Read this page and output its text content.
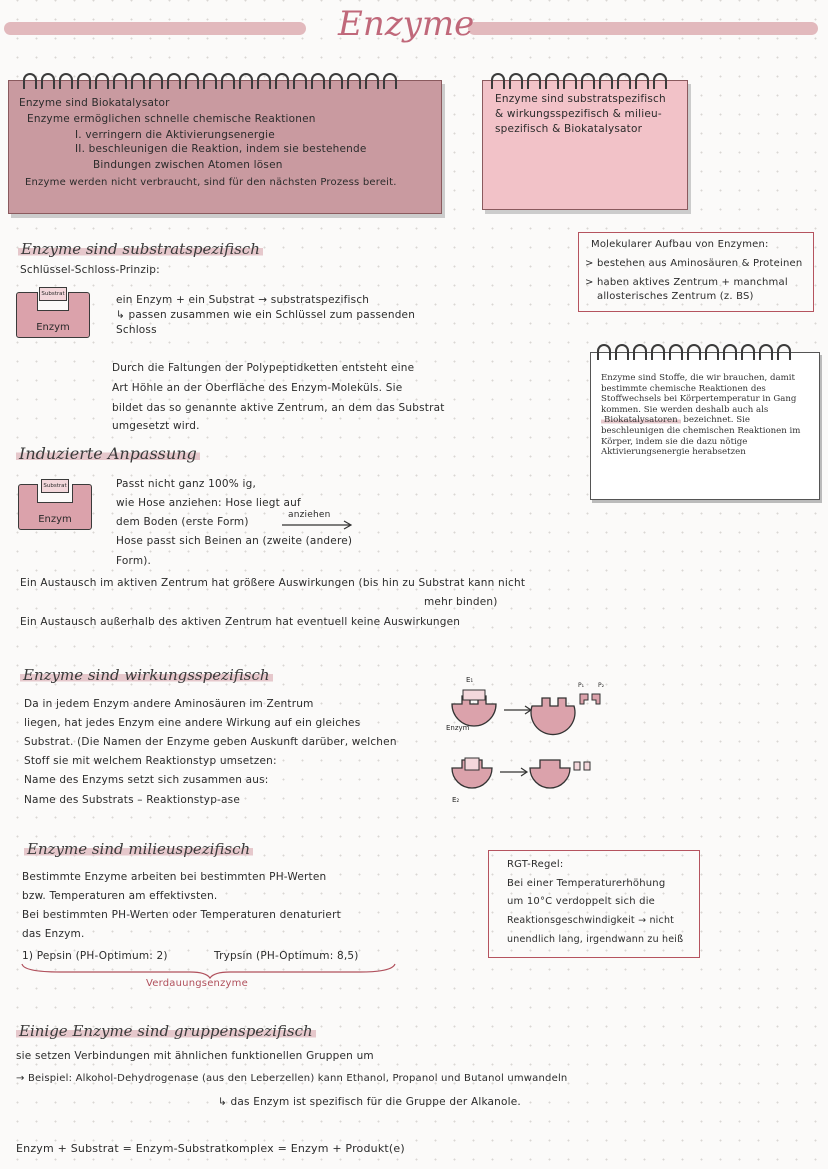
Enzyme
Enzyme sind Biokatalysator
Enzyme ermöglichen schnelle chemische Reaktionen
I. verringern die Aktivierungsenergie
II. beschleunigen die Reaktion, indem sie bestehende
Bindungen zwischen Atomen lösen
Enzyme werden nicht verbraucht, sind für den nächsten Prozess bereit.
Enzyme sind substratspezifisch
& wirkungsspezifisch & milieu-
spezifisch & Biokatalysator
Molekularer Aufbau von Enzymen:
> bestehen aus Aminosäuren & Proteinen
> haben aktives Zentrum + manchmal
allosterisches Zentrum (z. BS)
Enzyme sind Stoffe, die wir brauchen, damit bestimmte chemische Reaktionen des Stoffwechsels bei Körpertemperatur in Gang kommen. Sie werden deshalb auch als Biokatalysatoren bezeichnet. Sie beschleunigen die chemischen Reaktionen im Körper, indem sie die dazu nötige Aktivierungsenergie herabsetzen
Enzyme sind substratspezifisch
Schlüssel-Schloss-Prinzip:
Substrat
Enzym
ein Enzym + ein Substrat → substratspezifisch
↳ passen zusammen wie ein Schlüssel zum passenden
Schloss
Durch die Faltungen der Polypeptidketten entsteht eine
Art Höhle an der Oberfläche des Enzym-Moleküls. Sie
bildet das so genannte aktive Zentrum, an dem das Substrat
umgesetzt wird.
Induzierte Anpassung
Substrat
Enzym
Passt nicht ganz 100% ig,
wie Hose anziehen: Hose liegt auf
dem Boden (erste Form)
anziehen
Hose passt sich Beinen an (zweite (andere)
Form).
Ein Austausch im aktiven Zentrum hat größere Auswirkungen (bis hin zu Substrat kann nicht
mehr binden)
Ein Austausch außerhalb des aktiven Zentrum hat eventuell keine Auswirkungen
Enzyme sind wirkungsspezifisch
Da in jedem Enzym andere Aminosäuren im Zentrum
liegen, hat jedes Enzym eine andere Wirkung auf ein gleiches
Substrat. (Die Namen der Enzyme geben Auskunft darüber, welchen
Stoff sie mit welchem Reaktionstyp umsetzen:
Name des Enzyms setzt sich zusammen aus:
Name des Substrats – Reaktionstyp-ase
E₁
Enzym
P₁ P₂
E₂
Enzyme sind milieuspezifisch
Bestimmte Enzyme arbeiten bei bestimmten PH-Werten
bzw. Temperaturen am effektivsten.
Bei bestimmten PH-Werten oder Temperaturen denaturiert
das Enzym.
1) Pepsin (PH-Optimum: 2)	Trypsin (PH-Optimum: 8,5)
Verdauungsenzyme
RGT-Regel:
Bei einer Temperaturerhöhung
um 10°C verdoppelt sich die
Reaktionsgeschwindigkeit → nicht
unendlich lang, irgendwann zu heiß
Einige Enzyme sind gruppenspezifisch
sie setzen Verbindungen mit ähnlichen funktionellen Gruppen um
→ Beispiel: Alkohol-Dehydrogenase (aus den Leberzellen) kann Ethanol, Propanol und Butanol umwandeln
↳ das Enzym ist spezifisch für die Gruppe der Alkanole.
Enzym + Substrat = Enzym-Substratkomplex = Enzym + Produkt(e)
